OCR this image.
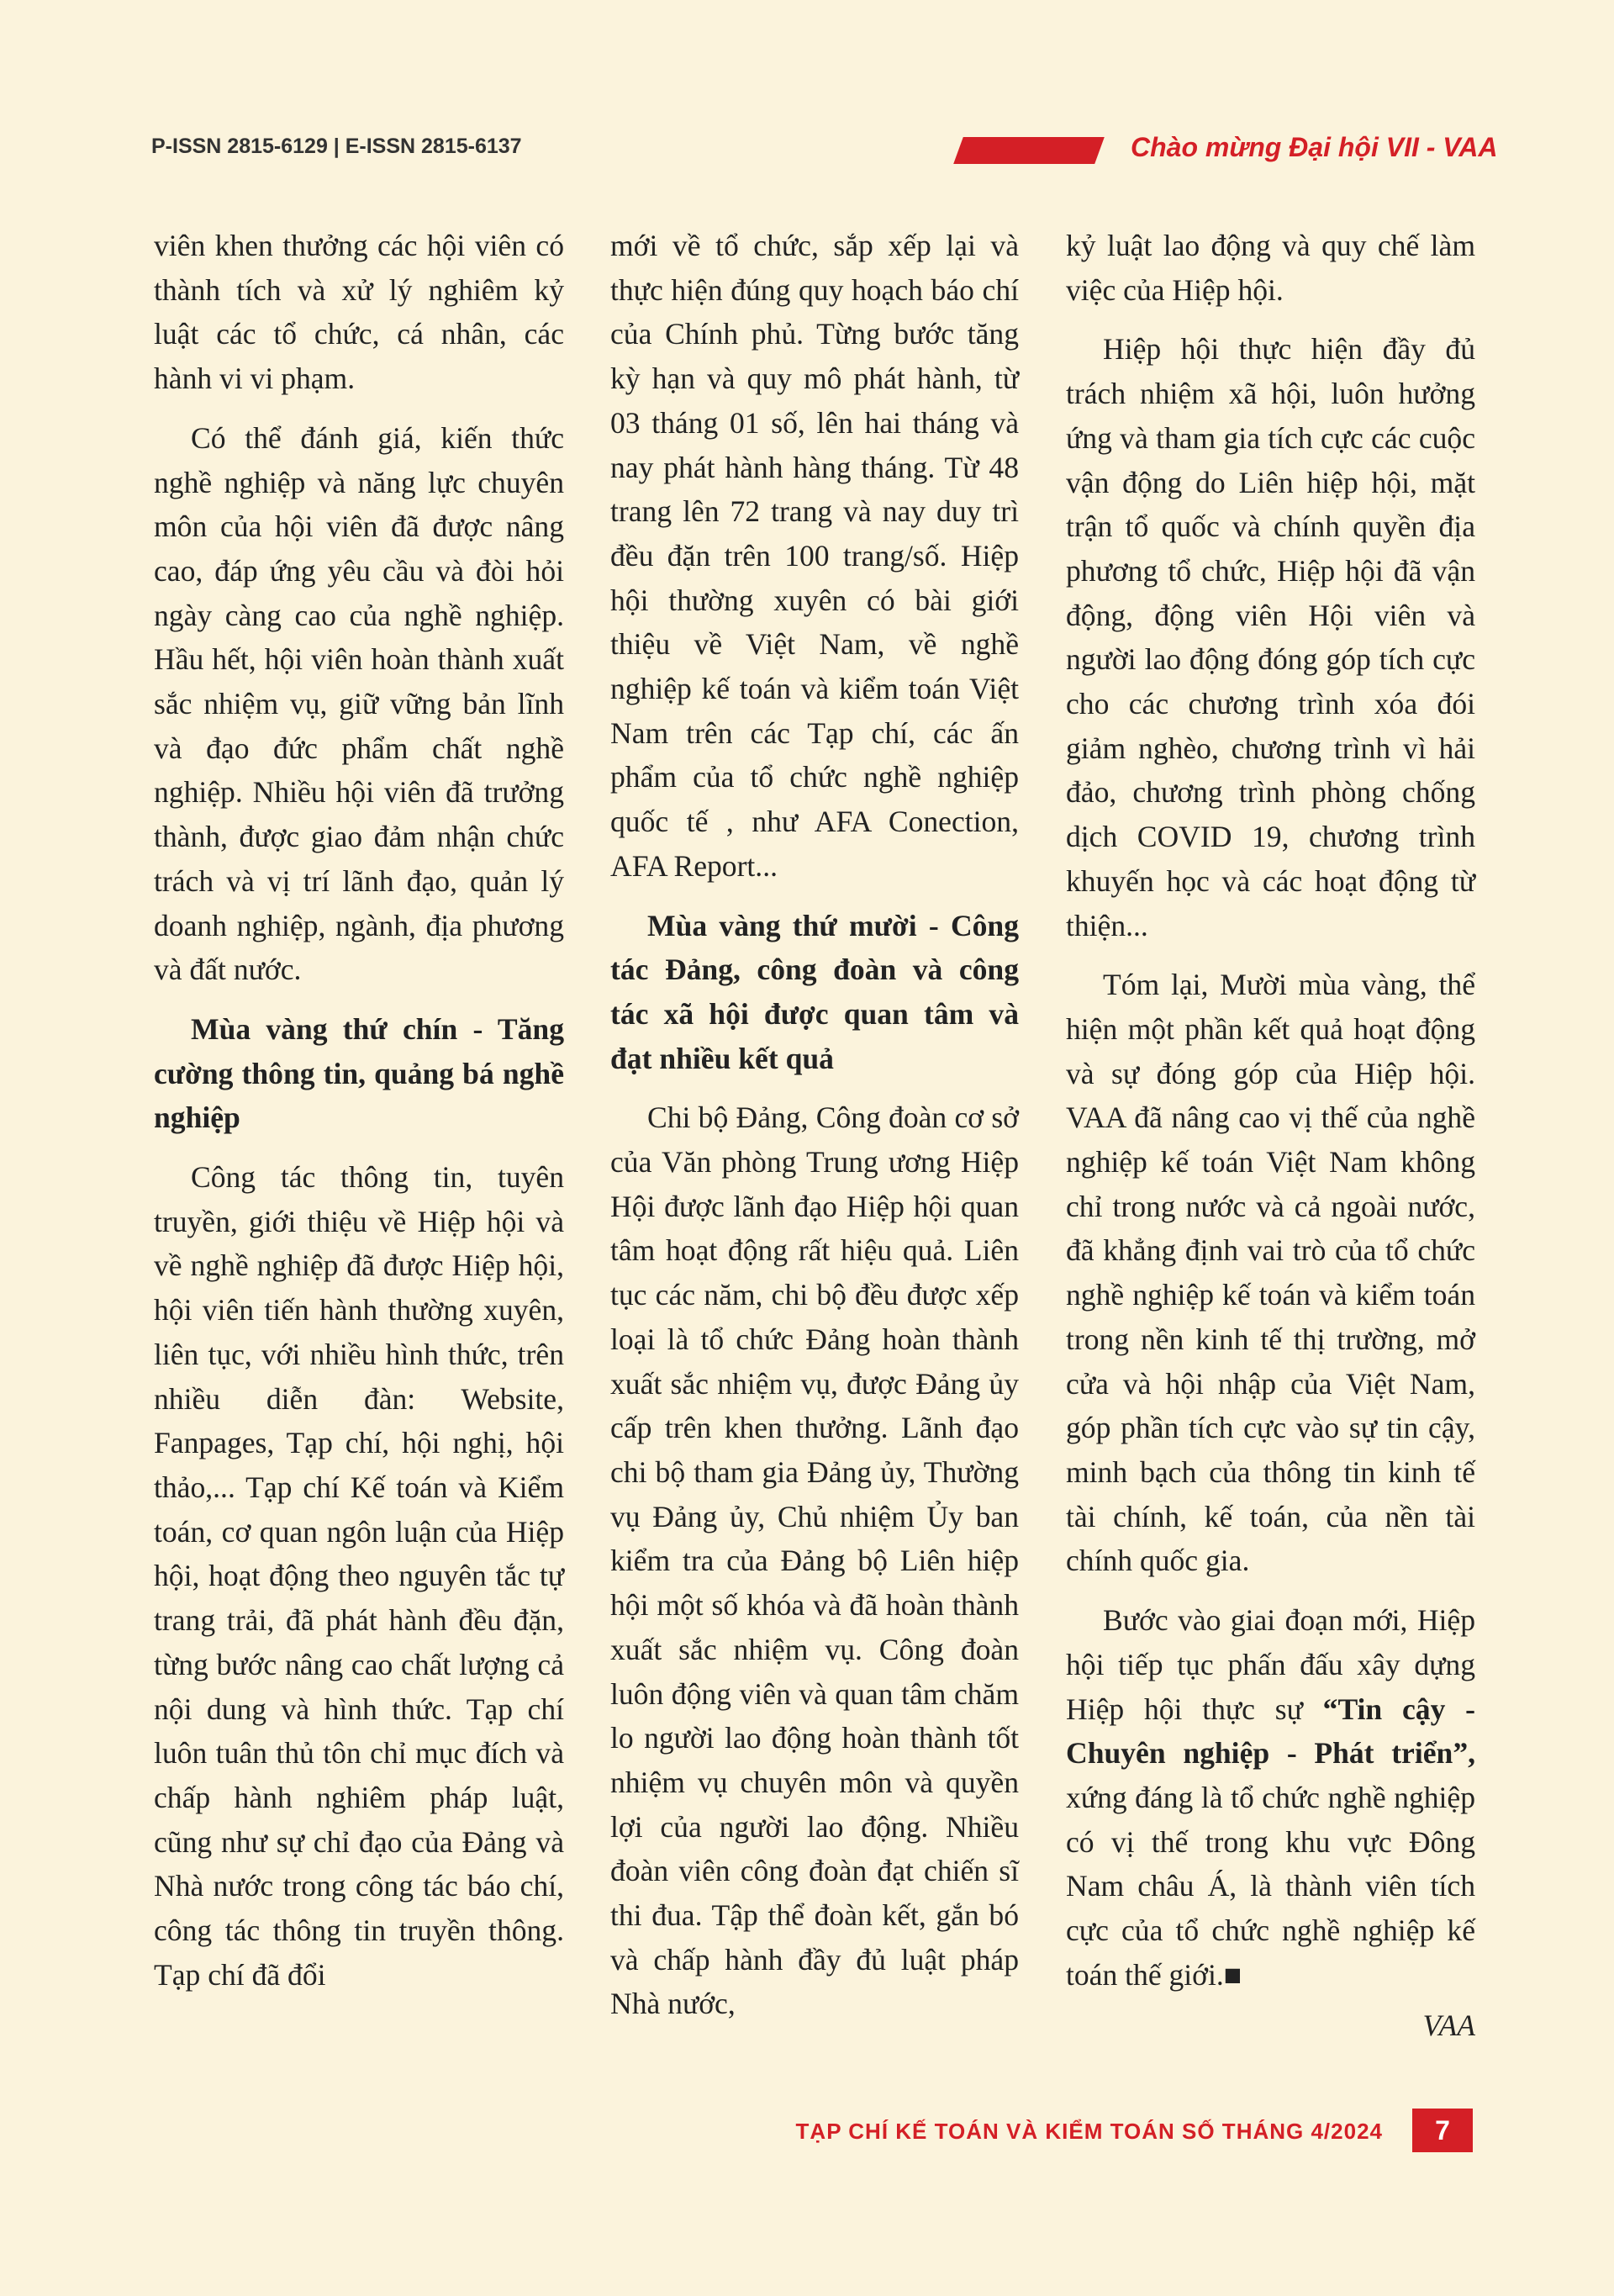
P-ISSN 2815-6129 | E-ISSN 2815-6137	Chào mừng Đại hội VII - VAA

viên khen thưởng các hội viên có thành tích và xử lý nghiêm kỷ luật các tổ chức, cá nhân, các hành vi vi phạm.

Có thể đánh giá, kiến thức nghề nghiệp và năng lực chuyên môn của hội viên đã được nâng cao, đáp ứng yêu cầu và đòi hỏi ngày càng cao của nghề nghiệp. Hầu hết, hội viên hoàn thành xuất sắc nhiệm vụ, giữ vững bản lĩnh và đạo đức phẩm chất nghề nghiệp. Nhiều hội viên đã trưởng thành, được giao đảm nhận chức trách và vị trí lãnh đạo, quản lý doanh nghiệp, ngành, địa phương và đất nước.

Mùa vàng thứ chín - Tăng cường thông tin, quảng bá nghề nghiệp

Công tác thông tin, tuyên truyền, giới thiệu về Hiệp hội và về nghề nghiệp đã được Hiệp hội, hội viên tiến hành thường xuyên, liên tục, với nhiều hình thức, trên nhiều diễn đàn: Website, Fanpages, Tạp chí, hội nghị, hội thảo,... Tạp chí Kế toán và Kiểm toán, cơ quan ngôn luận của Hiệp hội, hoạt động theo nguyên tắc tự trang trải, đã phát hành đều đặn, từng bước nâng cao chất lượng cả nội dung và hình thức. Tạp chí luôn tuân thủ tôn chỉ mục đích và chấp hành nghiêm pháp luật, cũng như sự chỉ đạo của Đảng và Nhà nước trong công tác báo chí, công tác thông tin truyền thông. Tạp chí đã đổi

mới về tổ chức, sắp xếp lại và thực hiện đúng quy hoạch báo chí của Chính phủ. Từng bước tăng kỳ hạn và quy mô phát hành, từ 03 tháng 01 số, lên hai tháng và nay phát hành hàng tháng. Từ 48 trang lên 72 trang và nay duy trì đều đặn trên 100 trang/số. Hiệp hội thường xuyên có bài giới thiệu về Việt Nam, về nghề nghiệp kế toán và kiểm toán Việt Nam trên các Tạp chí, các ấn phẩm của tổ chức nghề nghiệp quốc tế , như AFA Conection, AFA Report...

Mùa vàng thứ mười - Công tác Đảng, công đoàn và công tác xã hội được quan tâm và đạt nhiều kết quả

Chi bộ Đảng, Công đoàn cơ sở của Văn phòng Trung ương Hiệp Hội được lãnh đạo Hiệp hội quan tâm hoạt động rất hiệu quả. Liên tục các năm, chi bộ đều được xếp loại là tổ chức Đảng hoàn thành xuất sắc nhiệm vụ, được Đảng ủy cấp trên khen thưởng. Lãnh đạo chi bộ tham gia Đảng ủy, Thường vụ Đảng ủy, Chủ nhiệm Ủy ban kiểm tra của Đảng bộ Liên hiệp hội một số khóa và đã hoàn thành xuất sắc nhiệm vụ. Công đoàn luôn động viên và quan tâm chăm lo người lao động hoàn thành tốt nhiệm vụ chuyên môn và quyền lợi của người lao động. Nhiều đoàn viên công đoàn đạt chiến sĩ thi đua. Tập thể đoàn kết, gắn bó và chấp hành đầy đủ luật pháp Nhà nước,

kỷ luật lao động và quy chế làm việc của Hiệp hội.

Hiệp hội thực hiện đầy đủ trách nhiệm xã hội, luôn hưởng ứng và tham gia tích cực các cuộc vận động do Liên hiệp hội, mặt trận tổ quốc và chính quyền địa phương tổ chức, Hiệp hội đã vận động, động viên Hội viên và người lao động đóng góp tích cực cho các chương trình xóa đói giảm nghèo, chương trình vì hải đảo, chương trình phòng chống dịch COVID 19, chương trình khuyến học và các hoạt động từ thiện...

Tóm lại, Mười mùa vàng, thể hiện một phần kết quả hoạt động và sự đóng góp của Hiệp hội. VAA đã nâng cao vị thế của nghề nghiệp kế toán Việt Nam không chỉ trong nước và cả ngoài nước, đã khẳng định vai trò của tổ chức nghề nghiệp kế toán và kiểm toán trong nền kinh tế thị trường, mở cửa và hội nhập của Việt Nam, góp phần tích cực vào sự tin cậy, minh bạch của thông tin kinh tế tài chính, kế toán, của nền tài chính quốc gia.

Bước vào giai đoạn mới, Hiệp hội tiếp tục phấn đấu xây dựng Hiệp hội thực sự “Tin cậy - Chuyên nghiệp - Phát triển”, xứng đáng là tổ chức nghề nghiệp có vị thế trong khu vực Đông Nam châu Á, là thành viên tích cực của tổ chức nghề nghiệp kế toán thế giới.■

VAA

TẠP CHÍ KẾ TOÁN VÀ KIỂM TOÁN SỐ THÁNG 4/2024	7
